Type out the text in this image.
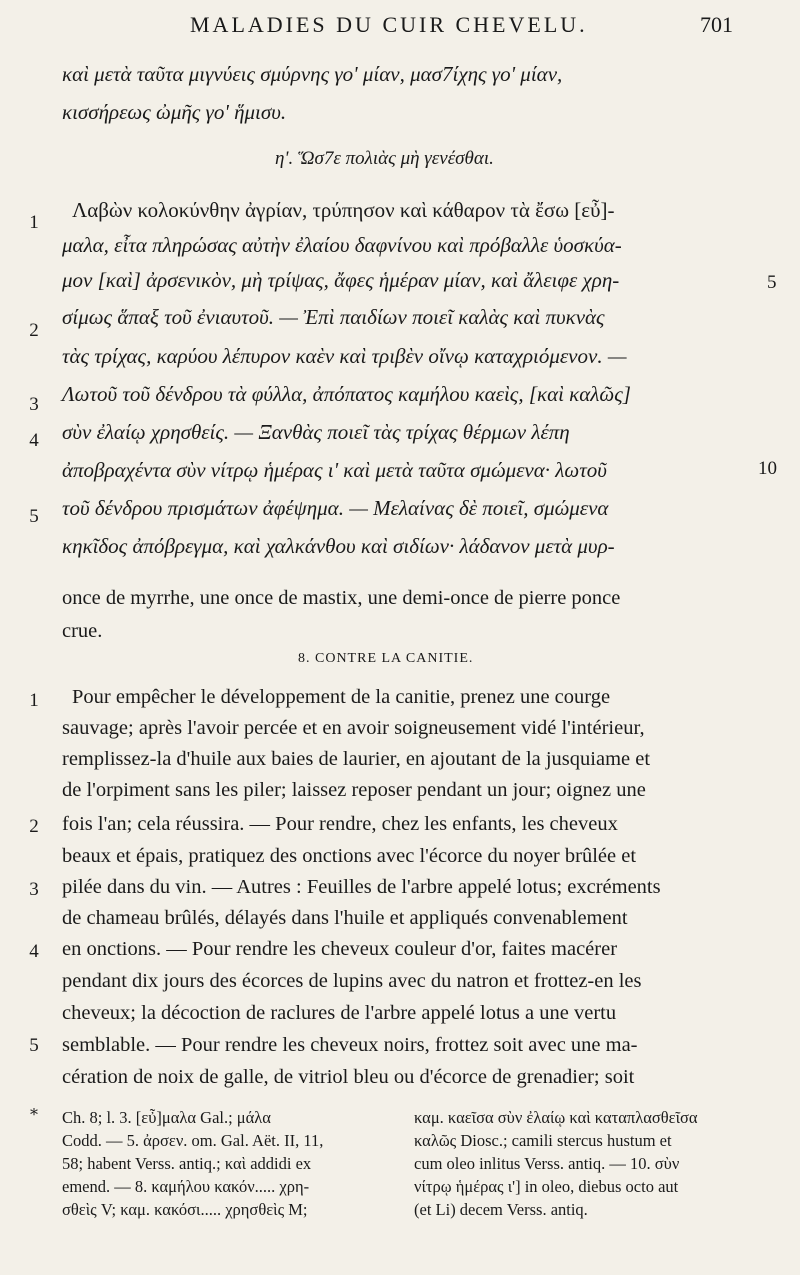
MALADIES DU CUIR CHEVELU.	701
καὶ μετὰ ταῦτα μιγνύεις σμύρνης γο' μίαν, μασ7ίχης γο' μίαν,
κισσήρεως ὠμῆς γο' ἥμισυ.
η'. Ὥσ7ε πολιὰς μὴ γενέσθαι.
Λαβὼν κολοκύνθην ἀγρίαν, τρύπησον καὶ κάθαρον τὰ ἔσω [εὖ]-
μαλα, εἶτα πληρώσας αὐτὴν ἐλαίου δαφνίνου καὶ πρόβαλλε ὑοσκύα-
μον [καὶ] ἀρσενικὸν, μὴ τρίψας, ἄφες ἡμέραν μίαν, καὶ ἄλειφε χρη-
σίμως ἅπαξ τοῦ ἐνιαυτοῦ. — Ἐπὶ παιδίων ποιεῖ καλὰς καὶ πυκνὰς
τὰς τρίχας, καρύου λέπυρον καὲν καὶ τριβὲν οἴνῳ καταχριόμενον. —
Λωτοῦ τοῦ δένδρου τὰ φύλλα, ἀπόπατος καμήλου καεὶς, [καὶ καλῶς]
σὺν ἐλαίῳ χρησθείς. — Ξανθὰς ποιεῖ τὰς τρίχας θέρμων λέπη
ἀποβραχέντα σὺν νίτρῳ ἡμέρας ι' καὶ μετὰ ταῦτα σμώμενα· λωτοῦ
τοῦ δένδρου πρισμάτων ἀφέψημα. — Μελαίνας δὲ ποιεῖ, σμώμενα
κηκῖδος ἀπόβρεγμα, καὶ χαλκάνθου καὶ σιδίων· λάδανον μετὰ μυρ-
1
2
3
4
5
5
10
once de myrrhe, une once de mastix, une demi-once de pierre ponce
crue.
8. CONTRE LA CANITIE.
Pour empêcher le développement de la canitie, prenez une courge
sauvage; après l'avoir percée et en avoir soigneusement vidé l'intérieur,
remplissez-la d'huile aux baies de laurier, en ajoutant de la jusquiame et
de l'orpiment sans les piler; laissez reposer pendant un jour; oignez une
fois l'an; cela réussira. — Pour rendre, chez les enfants, les cheveux
beaux et épais, pratiquez des onctions avec l'écorce du noyer brûlée et
pilée dans du vin. — Autres : Feuilles de l'arbre appelé lotus; excréments
de chameau brûlés, délayés dans l'huile et appliqués convenablement
en onctions. — Pour rendre les cheveux couleur d'or, faites macérer
pendant dix jours des écorces de lupins avec du natron et frottez-en les
cheveux; la décoction de raclures de l'arbre appelé lotus a une vertu
semblable. — Pour rendre les cheveux noirs, frottez soit avec une ma-
cération de noix de galle, de vitriol bleu ou d'écorce de grenadier; soit
1
2
3
4
5
* Ch. 8; l. 3. [εὖ]μαλα Gal.; μάλα
Codd. — 5. ἀρσεν. om. Gal. Aët. II, 11,
58; habent Verss. antiq.; καὶ addidi ex
emend. — 8. καμήλου κακόν..... χρη-
σθεὶς V; καμ. κακόσι..... χρησθεὶς M;
καμ. καεῖσα σὺν ἐλαίῳ καὶ καταπλασθεῖσα
καλῶς Diosc.; camili stercus hustum et
cum oleo inlitus Verss. antiq. — 10. σὺν
νίτρῳ ἡμέρας ι'] in oleo, diebus octo aut
(et Li) decem Verss. antiq.
